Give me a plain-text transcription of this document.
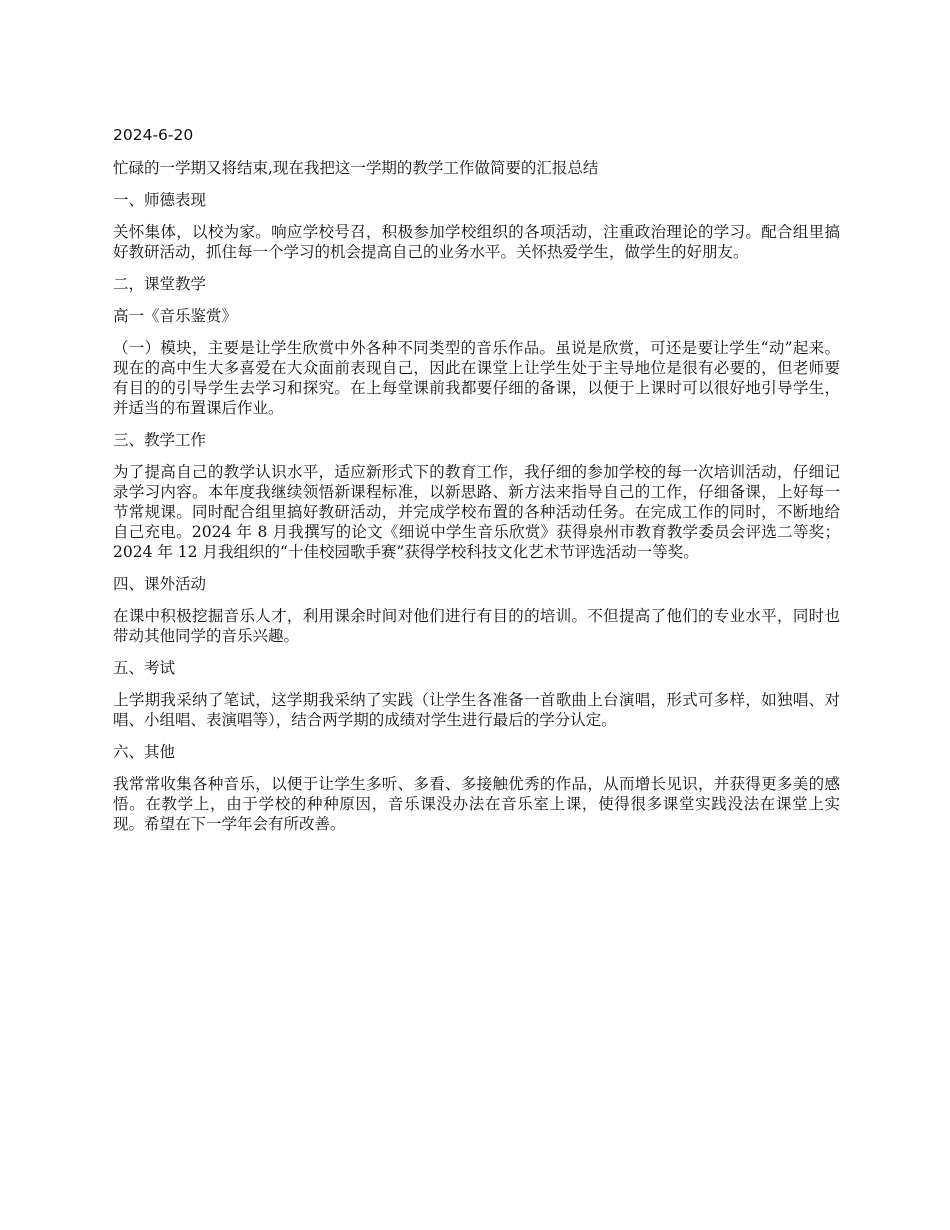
2024-6-20

忙碌的一学期又将结束,现在我把这一学期的教学工作做简要的汇报总结

一、师德表现

关怀集体，以校为家。响应学校号召，积极参加学校组织的各项活动，注重政治理论的学习。配合组里搞好教研活动，抓住每一个学习的机会提高自己的业务水平。关怀热爱学生，做学生的好朋友。

二，课堂教学

高一《音乐鉴赏》

（一）模块，主要是让学生欣赏中外各种不同类型的音乐作品。虽说是欣赏，可还是要让学生“动”起来。现在的高中生大多喜爱在大众面前表现自己，因此在课堂上让学生处于主导地位是很有必要的，但老师要有目的的引导学生去学习和探究。在上每堂课前我都要仔细的备课，以便于上课时可以很好地引导学生，并适当的布置课后作业。

三、教学工作

为了提高自己的教学认识水平，适应新形式下的教育工作，我仔细的参加学校的每一次培训活动，仔细记录学习内容。本年度我继续领悟新课程标准，以新思路、新方法来指导自己的工作，仔细备课，上好每一节常规课。同时配合组里搞好教研活动，并完成学校布置的各种活动任务。在完成工作的同时，不断地给自己充电。2024 年 8 月我撰写的论文《细说中学生音乐欣赏》获得泉州市教育教学委员会评选二等奖；2024 年 12 月我组织的“十佳校园歌手赛”获得学校科技文化艺术节评选活动一等奖。

四、课外活动

在课中积极挖掘音乐人才，利用课余时间对他们进行有目的的培训。不但提高了他们的专业水平，同时也带动其他同学的音乐兴趣。

五、考试

上学期我采纳了笔试，这学期我采纳了实践（让学生各准备一首歌曲上台演唱，形式可多样，如独唱、对唱、小组唱、表演唱等），结合两学期的成绩对学生进行最后的学分认定。

六、其他

我常常收集各种音乐，以便于让学生多听、多看、多接触优秀的作品，从而增长见识，并获得更多美的感悟。在教学上，由于学校的种种原因，音乐课没办法在音乐室上课，使得很多课堂实践没法在课堂上实现。希望在下一学年会有所改善。
